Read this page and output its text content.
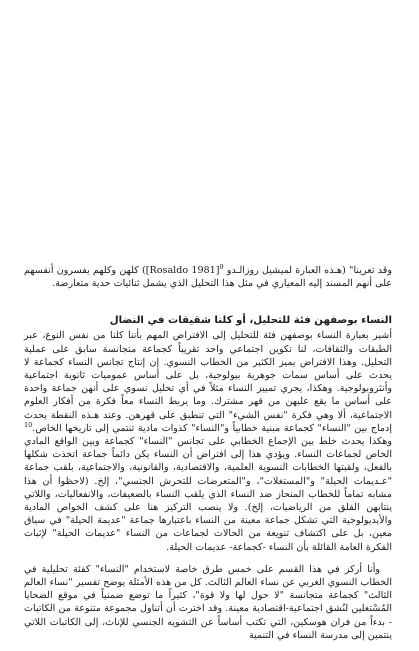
وقد تعرينا" (هـذه العبارة لميشيل روزالـدو [Rosaldo 1981]$^9$) كلهن وكلهم يفسرون أنفسهم على أنهم المسند إليه المعياري في مثل هذا التحليل الذي يشمل ثنائيات حدية متعارضة.

النساء بوصفهن فئة للتحليل، أو كلنا شقيقات في النضال

أشير بعبارة النساء بوصفهن فئة للتحليل إلى الافتراض المهم بأننا كلنا من نفس النوع، عبر الطبقات والثقافات، لنا تكوين اجتماعي واحد تقريباً كجماعة متجانسة سابق على عملية التحليل. وهذا الافتراض يميز الكثير من الخطاب النسوي. إن إنتاج تجانس النساء كجماعة لا يحدث على أساس سمات جوهرية بيولوجية، بل على أساس عموميات ثانوية اجتماعية وأنثروبولوجية. وهكذا، يجري تمييز النساء مثلاً في أي تحليل نسوي على أنهن جماعة واحدة على أساس ما يقع عليهن من قهر مشترك. وما يربط النساء معاً فكرة من أفكار العلوم الاجتماعية، ألا وهي فكرة "نفس الشيء" التي تنطبق على قهرهن. وعند هـذه النقطة يحدث إدماج بين "النساء" كجماعة مبنية خطابياً و"النساء" كذوات مادية تنتمي إلى تاريخها الخاص.$^{10}$ وهكذا يحدث خلط بين الإجماع الخطابي على تجانس "النساء" كجماعة وبين الواقع المادي الخاص لجماعات النساء. ويؤدي هذا إلى افتراض أن النساء يكن دائماً جماعة اتخذت شكلها بالفعل، ولقبتها الخطابات النسوية العلمية، والاقتصادية، والقانونية، والاجتماعية، بلقب جماعة "عـديمات الحيلة" و"المستغلات"، و"المتعرضات للتحرش الجنسي"، إلخ. (لاحظوا أن هذا مشابه تماماً للخطاب المنحاز ضد النساء الذي يلقب النساء بالضعيفات، والانفعاليات، واللاتي ينتابهن القلق من الرياضيات، إلخ). ولا ينصب التركيز هنا على كشف الخواص المادية والأيديولوجية التي تشكل جماعة معينة من النساء باعتبارها جماعة "عديمة الحيلة" في سياق معين، بل على اكتشاف تنويعة من الحالات لجماعات من النساء "عديمات الحيلة" لإثبات الفكرة العامة القائلة بأن النساء -كجماعة- عديمات الحيلة.

وأنا أركز في هذا القسم على خمس طرق خاصة لاستخدام "النساء" كفئة تحليلية في الخطاب النسوي الغربي عن نساء العالم الثالث. كل من هذه الأمثلة يوضح تفسير "نساء العالم الثالث" كجماعة متجانسة "لا حول لها ولا قوة"، كثيراً ما توضع ضمنياً في موقع الضحايا المُسْتغلين لنُشق اجتماعية-اقتصادية معينة. وقد اخترت أن أتناول مجموعة متنوعة من الكاتبات - بدءاً من فران هوسكين، التي تكتب أساساً عن التشويه الجنسي للإناث، إلى الكاتبات اللاتي ينتمين إلى مدرسة النساء في التنمية
